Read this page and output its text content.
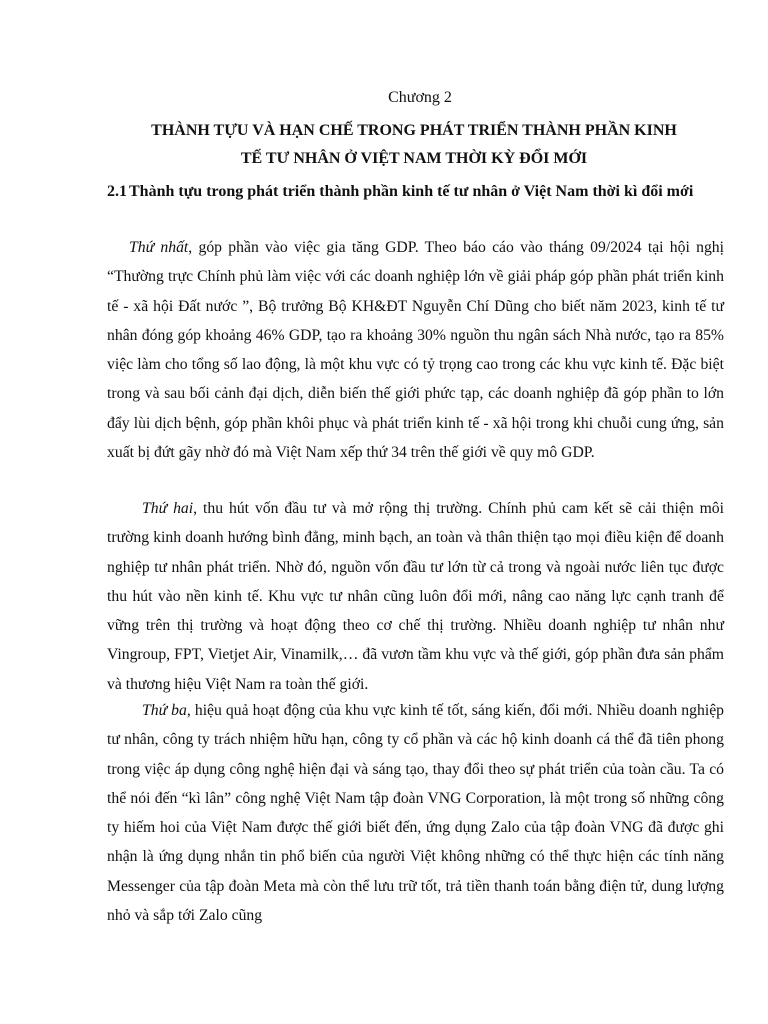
Chương 2
THÀNH TỰU VÀ HẠN CHẾ TRONG PHÁT TRIỂN THÀNH PHẦN KINH
TẾ TƯ NHÂN Ở VIỆT NAM THỜI KỲ ĐỔI MỚI
2.1 Thành tựu trong phát triển thành phần kinh tế tư nhân ở Việt Nam thời kì đổi mới

Thứ nhất, góp phần vào việc gia tăng GDP. Theo báo cáo vào tháng 09/2024 tại hội nghị “Thường trực Chính phủ làm việc với các doanh nghiệp lớn về giải pháp góp phần phát triển kinh tế - xã hội Đất nước ”, Bộ trưởng Bộ KH&ĐT Nguyễn Chí Dũng cho biết năm 2023, kinh tế tư nhân đóng góp khoảng 46% GDP, tạo ra khoảng 30% nguồn thu ngân sách Nhà nước, tạo ra 85% việc làm cho tổng số lao động, là một khu vực có tỷ trọng cao trong các khu vực kinh tế. Đặc biệt trong và sau bối cảnh đại dịch, diễn biến thế giới phức tạp, các doanh nghiệp đã góp phần to lớn đẩy lùi dịch bệnh, góp phần khôi phục và phát triển kinh tế - xã hội trong khi chuỗi cung ứng, sản xuất bị đứt gãy nhờ đó mà Việt Nam xếp thứ 34 trên thế giới về quy mô GDP.

Thứ hai, thu hút vốn đầu tư và mở rộng thị trường. Chính phủ cam kết sẽ cải thiện môi trường kinh doanh hướng bình đẳng, minh bạch, an toàn và thân thiện tạo mọi điều kiện để doanh nghiệp tư nhân phát triển. Nhờ đó, nguồn vốn đầu tư lớn từ cả trong và ngoài nước liên tục được thu hút vào nền kinh tế. Khu vực tư nhân cũng luôn đổi mới, nâng cao năng lực cạnh tranh để vững trên thị trường và hoạt động theo cơ chế thị trường. Nhiều doanh nghiệp tư nhân như Vingroup, FPT, Vietjet Air, Vinamilk,… đã vươn tầm khu vực và thế giới, góp phần đưa sản phẩm và thương hiệu Việt Nam ra toàn thế giới.

Thứ ba, hiệu quả hoạt động của khu vực kinh tế tốt, sáng kiến, đổi mới. Nhiều doanh nghiệp tư nhân, công ty trách nhiệm hữu hạn, công ty cổ phần và các hộ kinh doanh cá thể đã tiên phong trong việc áp dụng công nghệ hiện đại và sáng tạo, thay đổi theo sự phát triển của toàn cầu. Ta có thể nói đến “kì lân” công nghệ Việt Nam tập đoàn VNG Corporation, là một trong số những công ty hiếm hoi của Việt Nam được thế giới biết đến, ứng dụng Zalo của tập đoàn VNG đã được ghi nhận là ứng dụng nhắn tin phổ biến của người Việt không những có thể thực hiện các tính năng Messenger của tập đoàn Meta mà còn thể lưu trữ tốt, trả tiền thanh toán bằng điện tử, dung lượng nhỏ và sắp tới Zalo cũng
